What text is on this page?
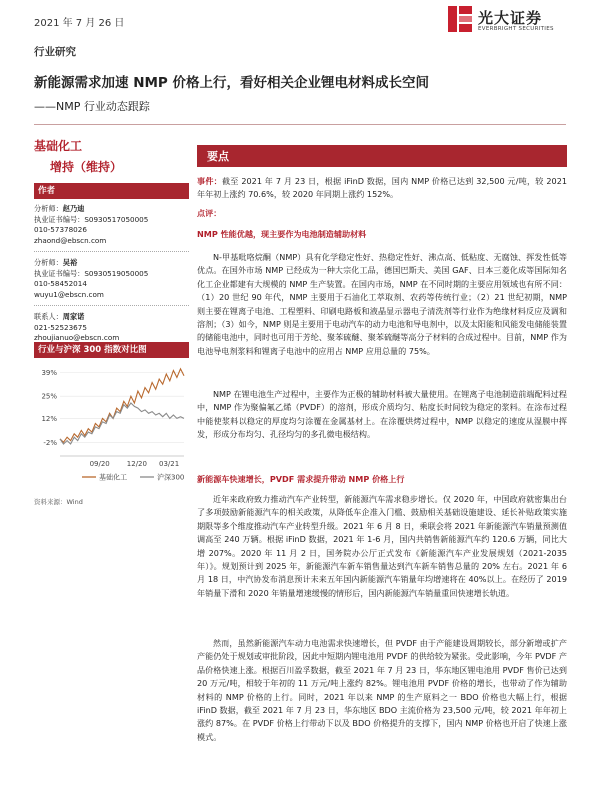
2021 年 7 月 26 日	光大证券
EVERBRIGHT SECURITIES
行业研究
新能源需求加速 NMP 价格上行，看好相关企业锂电材料成长空间
——NMP 行业动态跟踪
基础化工
增持（维持）
作者
分析师：赵乃迪
执业证书编号：S0930517050005
010-57378026
zhaond@ebscn.com
分析师：吴裕
执业证书编号：S0930519050005
010-58452014
wuyu1@ebscn.com
联系人：周家诺
021-52523675
zhoujianuo@ebscn.com
行业与沪深 300 指数对比图
39%
25%
12%
-2%
09/20 12/20 03/21
基础化工	沪深300
资料来源：Wind
要点

事件：截至 2021 年 7 月 23 日，根据 iFinD 数据，国内 NMP 价格已达到 32,500 元/吨，较 2021 年年初上涨约 70.6%，较 2020 年同期上涨约 152%。

点评：
NMP 性能优越，现主要作为电池制造辅助材料

N-甲基吡咯烷酮（NMP）具有化学稳定性好、热稳定性好、沸点高、低粘度、无腐蚀、挥发性低等优点。在国外市场 NMP 已经成为一种大宗化工品，德国巴斯夫、美国 GAF、日本三菱化成等国际知名化工企业都建有大规模的 NMP 生产装置。在国内市场，NMP 在不同时期的主要应用领域也有所不同：（1）20 世纪 90 年代，NMP 主要用于石油化工萃取剂、农药等传统行业；（2）21 世纪初期，NMP 则主要在锂离子电池、工程塑料、印刷电路板和液晶显示器电子清洗剂等行业作为绝缘材料反应及调和溶剂；（3）如今，NMP 则是主要用于电动汽车的动力电池和导电剂中，以及太阳能和风能发电储能装置的储能电池中，同时也可用于芳纶、聚苯硫醚、聚苯硫醚等高分子材料的合成过程中。目前，NMP 作为电池导电剂浆料和锂离子电池中的应用占 NMP 应用总量的 75%。

NMP 在锂电池生产过程中，主要作为正极的辅助材料被大量使用。在锂离子电池制造前端配料过程中，NMP 作为聚偏氟乙烯（PVDF）的溶剂，形成介质均匀、粘度长时间较为稳定的浆料。在涂布过程中能使浆料以稳定的厚度均匀涂覆在金属基材上。在涂覆烘烤过程中，NMP 以稳定的速度从湿膜中挥发，形成分布均匀、孔径均匀的多孔微电极结构。

新能源车快速增长，PVDF 需求提升带动 NMP 价格上行

近年来政府致力推动汽车产业转型，新能源汽车需求稳步增长。仅 2020 年，中国政府就密集出台了多项鼓励新能源汽车的相关政策，从降低车企准入门槛、鼓励相关基础设施建设、延长补贴政策实施期限等多个维度推动汽车产业转型升级。2021 年 6 月 8 日，乘联会将 2021 年新能源汽车销量预测值调高至 240 万辆。根据 iFinD 数据，2021 年 1-6 月，国内共销售新能源汽车约 120.6 万辆，同比大增 207%。2020 年 11 月 2 日，国务院办公厅正式发布《新能源汽车产业发展规划（2021-2035 年）》。规划预计到 2025 年，新能源汽车新车销售量达到汽车新车销售总量的 20% 左右。2021 年 6 月 18 日，中汽协发布消息预计未来五年国内新能源汽车销量年均增速将在 40%以上。在经历了 2019 年销量下滑和 2020 年销量增速缓慢的情形后，国内新能源汽车销量重回快速增长轨道。

然而，虽然新能源汽车动力电池需求快速增长，但 PVDF 由于产能建设周期较长，部分新增或扩产产能仍处于规划或审批阶段，因此中短期内锂电池用 PVDF 的供给较为紧张。受此影响，今年 PVDF 产品价格快速上涨。根据百川盈孚数据，截至 2021 年 7 月 23 日，华东地区锂电池用 PVDF 售价已达到 20 万元/吨，相较于年初的 11 万元/吨上涨约 82%。锂电池用 PVDF 价格的增长，也带动了作为辅助材料的 NMP 价格的上行。同时，2021 年以来 NMP 的生产原料之一 BDO 价格也大幅上行，根据 iFinD 数据，截至 2021 年 7 月 23 日，华东地区 BDO 主流价格为 23,500 元/吨，较 2021 年年初上涨约 87%。在 PVDF 价格上行带动下以及 BDO 价格提升的支撑下，国内 NMP 价格也开启了快速上涨模式。
